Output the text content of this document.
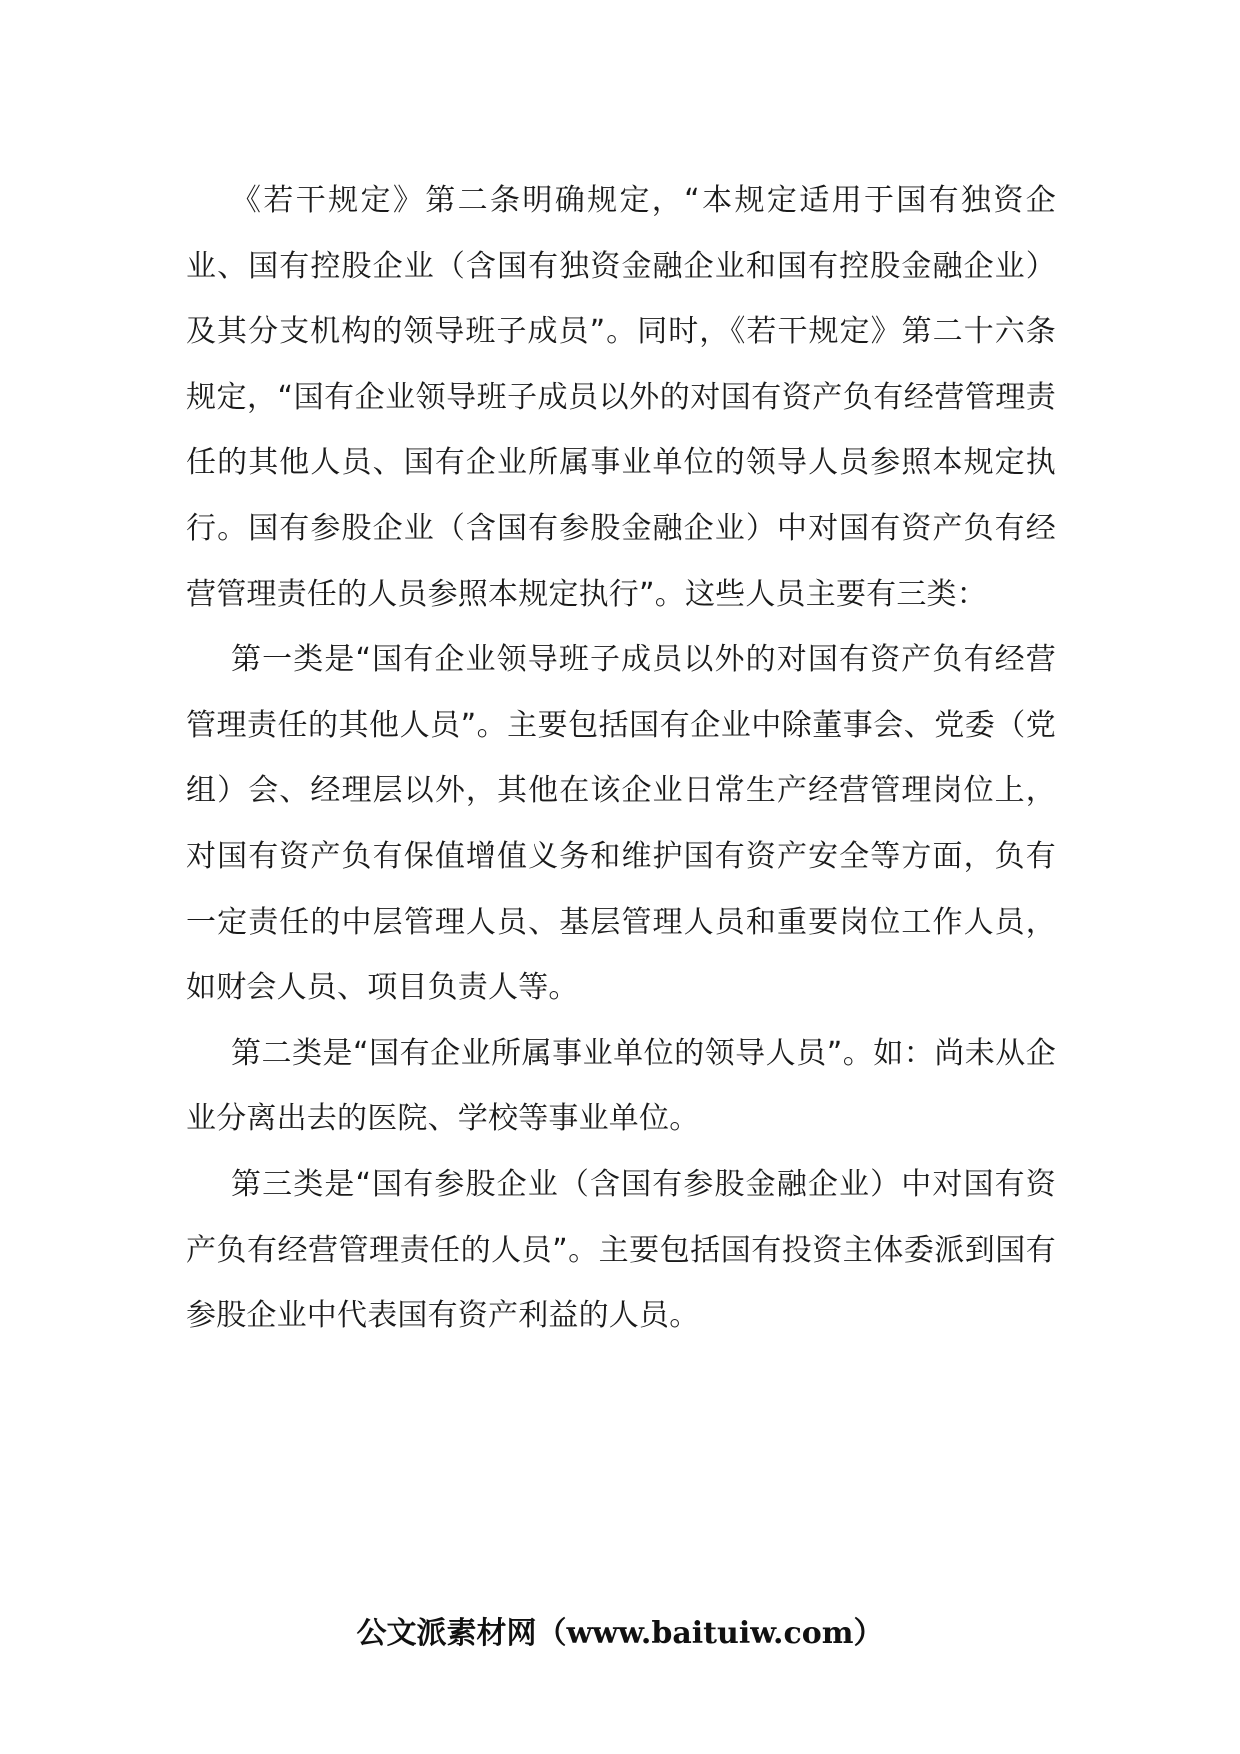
《若干规定》第二条明确规定，“本规定适用于国有独资企业、国有控股企业（含国有独资金融企业和国有控股金融企业）及其分支机构的领导班子成员”。同时，《若干规定》第二十六条规定，“国有企业领导班子成员以外的对国有资产负有经营管理责任的其他人员、国有企业所属事业单位的领导人员参照本规定执行。国有参股企业（含国有参股金融企业）中对国有资产负有经营管理责任的人员参照本规定执行”。这些人员主要有三类：

第一类是“国有企业领导班子成员以外的对国有资产负有经营管理责任的其他人员”。主要包括国有企业中除董事会、党委（党组）会、经理层以外，其他在该企业日常生产经营管理岗位上，对国有资产负有保值增值义务和维护国有资产安全等方面，负有一定责任的中层管理人员、基层管理人员和重要岗位工作人员，如财会人员、项目负责人等。

第二类是“国有企业所属事业单位的领导人员”。如：尚未从企业分离出去的医院、学校等事业单位。

第三类是“国有参股企业（含国有参股金融企业）中对国有资产负有经营管理责任的人员”。主要包括国有投资主体委派到国有参股企业中代表国有资产利益的人员。

公文派素材网（www.baituiw.com）
